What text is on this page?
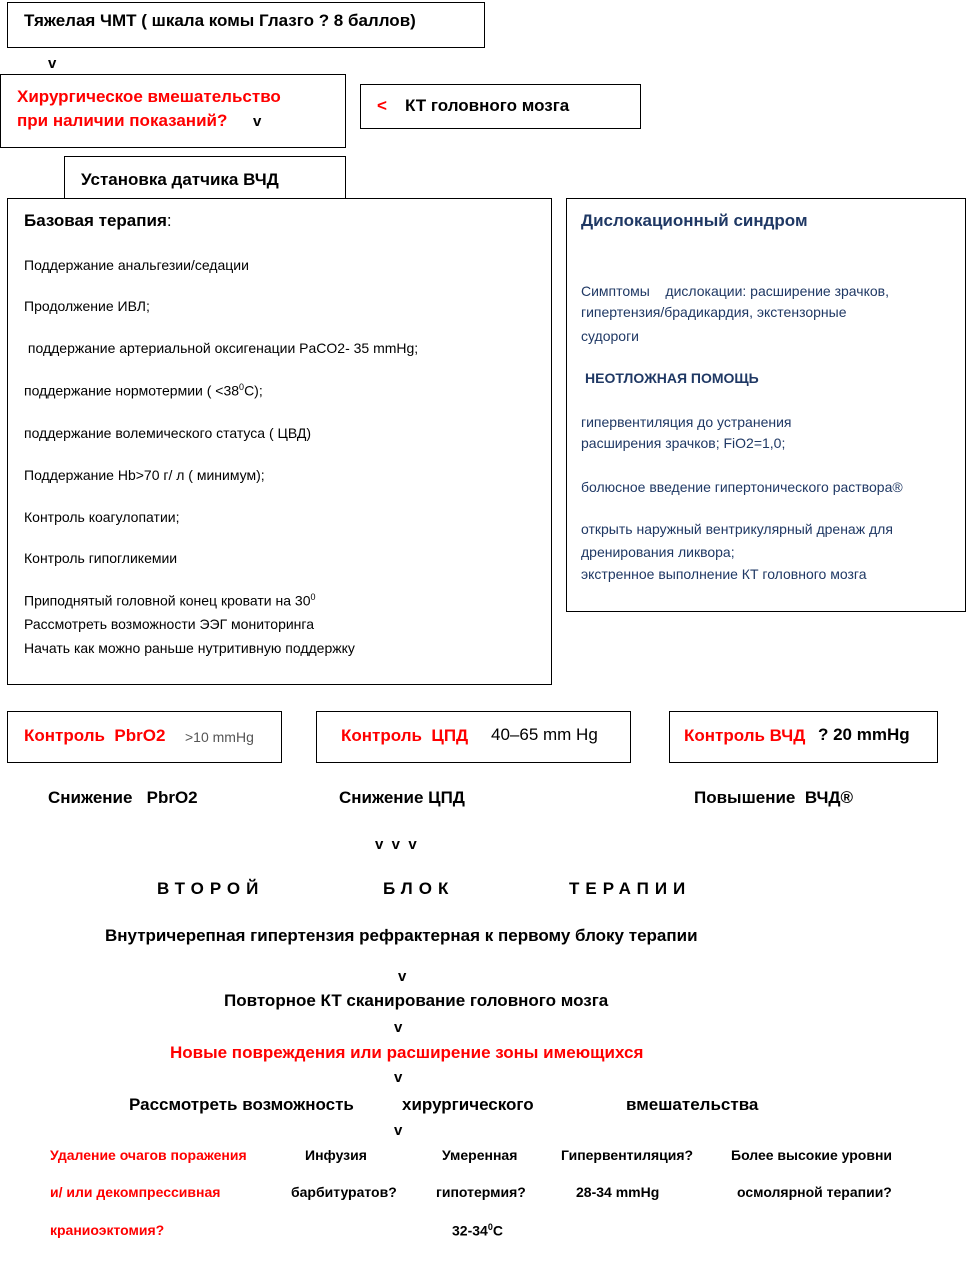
Тяжелая ЧМТ ( шкала комы Глазго ? 8 баллов)
v
Хирургическое вмешательство
при наличии показаний? v
< КТ головного мозга
Установка датчика ВЧД
Базовая терапия:
Поддержание анальгезии/седации
Продолжение ИВЛ;
поддержание артериальной оксигенации PaCO2- 35 mmHg;
поддержание нормотермии ( $<38^0С$);
поддержание волемического статуса ( ЦВД)
Поддержание Hb>70 г/ л ( минимум);
Контроль коагулопатии;
Контроль гипогликемии
Приподнятый головной конец кровати на $30^0$
Рассмотреть возможности ЭЭГ мониторинга
Начать как можно раньше нутритивную поддержку
Дислокационный синдром
Симптомы    дислокации: расширение зрачков,
гипертензия/брадикардия, экстензорные
судороги
НЕОТЛОЖНАЯ ПОМОЩЬ
гипервентиляция до устранения
расширения зрачков; FiO2=1,0;
болюсное введение гипертонического раствора®
открыть наружный вентрикулярный дренаж для
дренирования ликвора;
экстренное выполнение КТ головного мозга
Контроль  PbrO2 >10 mmHg	Контроль  ЦПД 40–65 mm Hg	Контроль ВЧД ? 20 mmHg
Снижение   PbrO2	Снижение ЦПД	Повышение  ВЧД®
v  v  v
ВТОРОЙ	БЛОК	ТЕРАПИИ
Внутричерепная гипертензия рефрактерная к первому блоку терапии
v
Повторное КТ сканирование головного мозга
v
Новые повреждения или расширение зоны имеющихся
v
Рассмотреть возможность	хирургического	вмешательства
v
Удаление очагов поражения
и/ или декомпрессивная
краниоэктомия?
Инфузия
барбитуратов?
Умеренная
гипотермия?
$32-34^0С$
Гипервентиляция?
28-34 mmHg
Более высокие уровни
осмолярной терапии?
